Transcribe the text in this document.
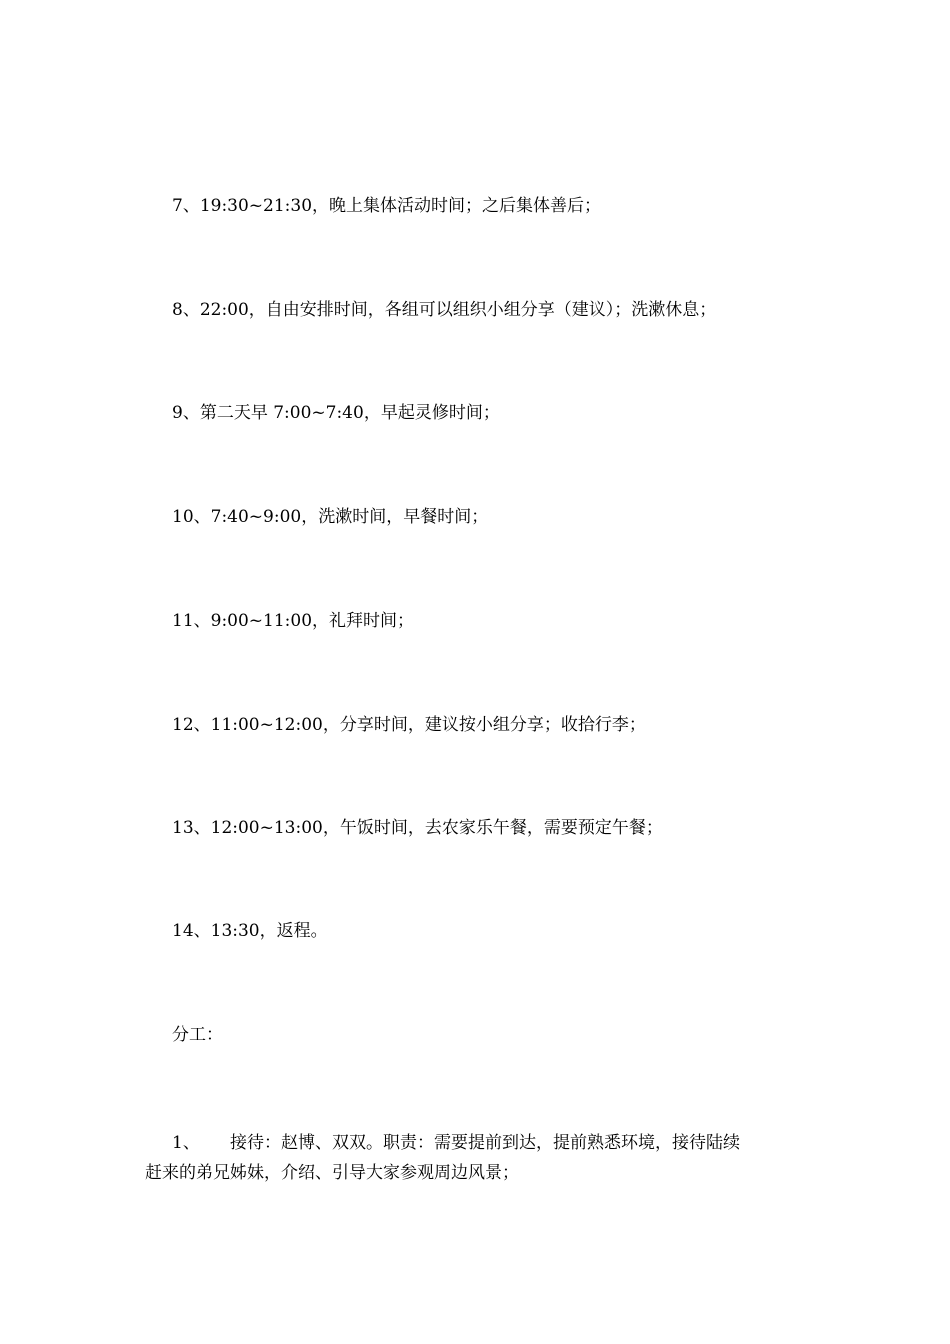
7、19:30~21:30，晚上集体活动时间；之后集体善后；
8、22:00，自由安排时间，各组可以组织小组分享（建议）；洗漱休息；
9、第二天早 7:00~7:40，早起灵修时间；
10、7:40~9:00，洗漱时间，早餐时间；
11、9:00~11:00，礼拜时间；
12、11:00~12:00，分享时间，建议按小组分享；收拾行李；
13、12:00~13:00，午饭时间，去农家乐午餐，需要预定午餐；
14、13:30，返程。
分工：
1、 接待：赵博、双双。职责：需要提前到达，提前熟悉环境，接待陆续
赶来的弟兄姊妹，介绍、引导大家参观周边风景；
